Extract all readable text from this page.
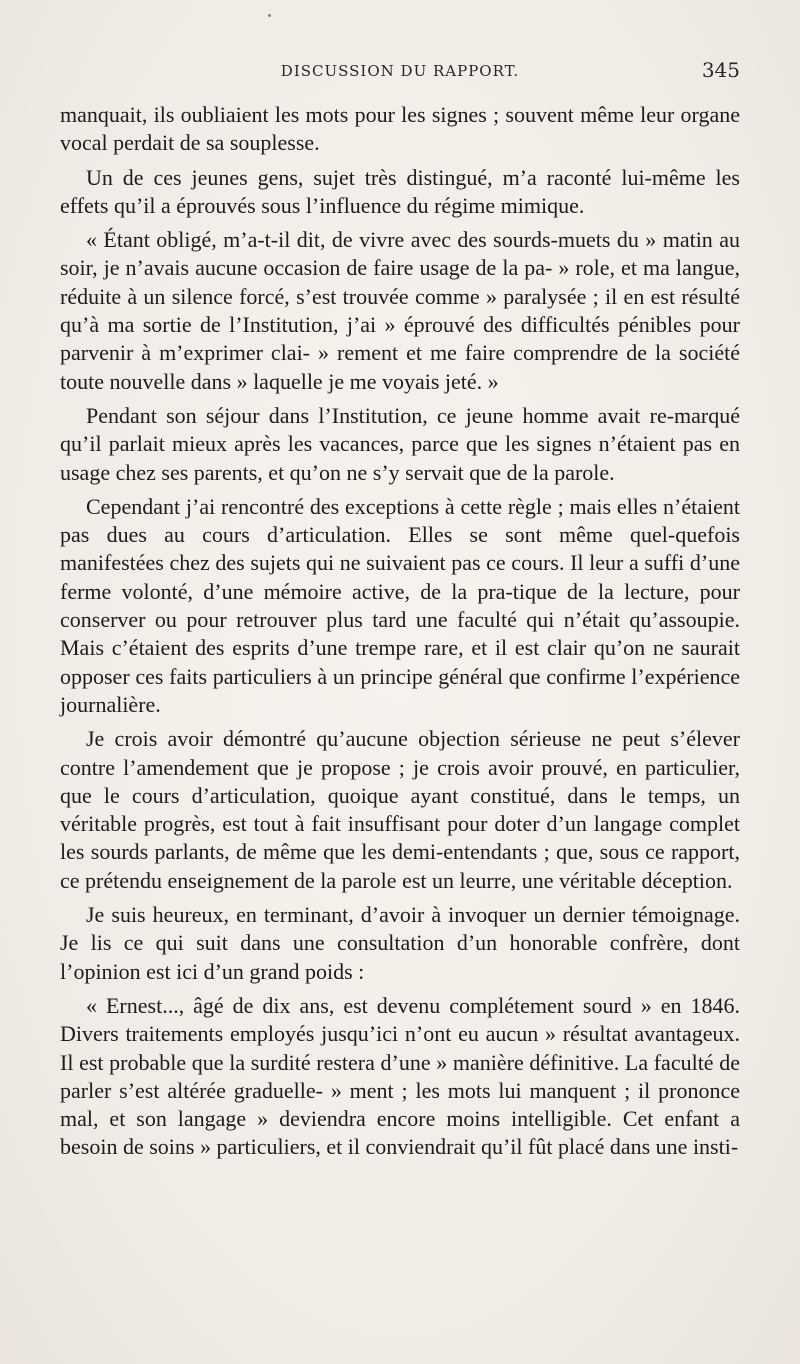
DISCUSSION DU RAPPORT.	345

manquait, ils oubliaient les mots pour les signes ; souvent même leur organe vocal perdait de sa souplesse.

Un de ces jeunes gens, sujet très distingué, m’a raconté lui-même les effets qu’il a éprouvés sous l’influence du régime mimique.

« Étant obligé, m’a-t-il dit, de vivre avec des sourds-muets du » matin au soir, je n’avais aucune occasion de faire usage de la pa- » role, et ma langue, réduite à un silence forcé, s’est trouvée comme » paralysée ; il en est résulté qu’à ma sortie de l’Institution, j’ai » éprouvé des difficultés pénibles pour parvenir à m’exprimer clai- » rement et me faire comprendre de la société toute nouvelle dans » laquelle je me voyais jeté. »

Pendant son séjour dans l’Institution, ce jeune homme avait re-marqué qu’il parlait mieux après les vacances, parce que les signes n’étaient pas en usage chez ses parents, et qu’on ne s’y servait que de la parole.

Cependant j’ai rencontré des exceptions à cette règle ; mais elles n’étaient pas dues au cours d’articulation. Elles se sont même quel-quefois manifestées chez des sujets qui ne suivaient pas ce cours. Il leur a suffi d’une ferme volonté, d’une mémoire active, de la pra-tique de la lecture, pour conserver ou pour retrouver plus tard une faculté qui n’était qu’assoupie. Mais c’étaient des esprits d’une trempe rare, et il est clair qu’on ne saurait opposer ces faits particuliers à un principe général que confirme l’expérience journalière.

Je crois avoir démontré qu’aucune objection sérieuse ne peut s’élever contre l’amendement que je propose ; je crois avoir prouvé, en particulier, que le cours d’articulation, quoique ayant constitué, dans le temps, un véritable progrès, est tout à fait insuffisant pour doter d’un langage complet les sourds parlants, de même que les demi-entendants ; que, sous ce rapport, ce prétendu enseignement de la parole est un leurre, une véritable déception.

Je suis heureux, en terminant, d’avoir à invoquer un dernier témoignage. Je lis ce qui suit dans une consultation d’un honorable confrère, dont l’opinion est ici d’un grand poids :

« Ernest..., âgé de dix ans, est devenu complétement sourd » en 1846. Divers traitements employés jusqu’ici n’ont eu aucun » résultat avantageux. Il est probable que la surdité restera d’une » manière définitive. La faculté de parler s’est altérée graduelle- » ment ; les mots lui manquent ; il prononce mal, et son langage » deviendra encore moins intelligible. Cet enfant a besoin de soins » particuliers, et il conviendrait qu’il fût placé dans une insti-
